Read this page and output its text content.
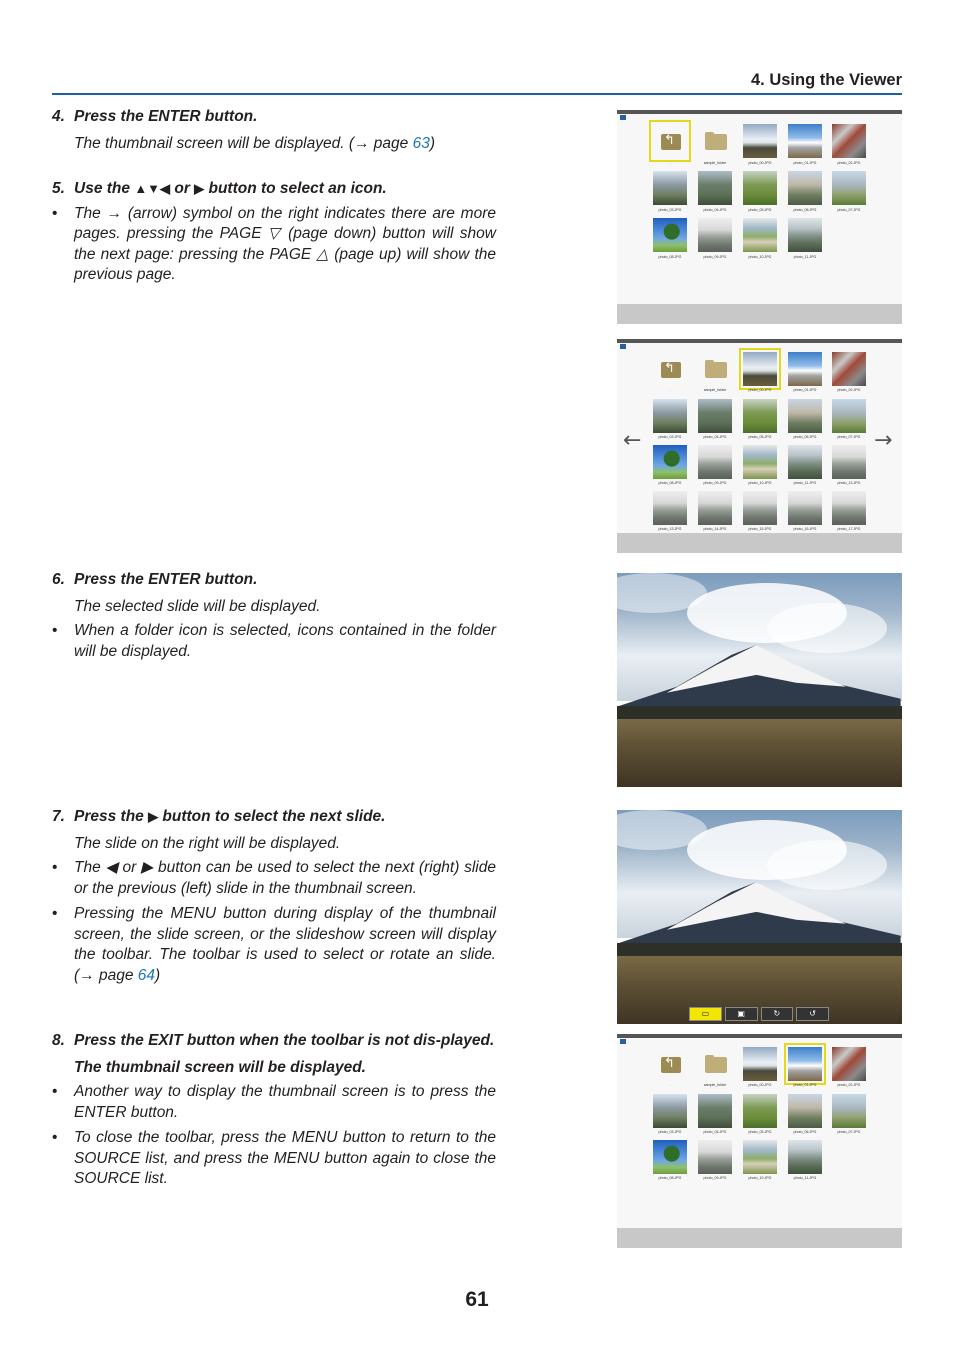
4. Using the Viewer
4. Press the ENTER button.

The thumbnail screen will be displayed. (→ page 63)

5. Use the ▲▼◀ or ▶ button to select an icon.
•	The → (arrow) symbol on the right indicates there are more pages. pressing the PAGE ▽ (page down) button will show the next page: pressing the PAGE △ (page up) will show the previous page.
6. Press the ENTER button.

The selected slide will be displayed.

•	When a folder icon is selected, icons contained in the folder will be displayed.
7. Press the ▶ button to select the next slide.

The slide on the right will be displayed.

•	The ◀ or ▶ button can be used to select the next (right) slide or the previous (left) slide in the thumbnail screen.
•	Pressing the MENU button during display of the thumbnail screen, the slide screen, or the slideshow screen will display the toolbar. The toolbar is used to select or rotate an slide. (→ page 64)
8. Press the EXIT button when the toolbar is not dis-played.

The thumbnail screen will be displayed.

•	Another way to display the thumbnail screen is to press the ENTER button.
•	To close the toolbar, press the MENU button to return to the SOURCE list, and press the MENU button again to close the SOURCE list.
↰
.	sample_folder	photo_00.JPG	photo_01.JPG	photo_02.JPG
photo_03.JPG	photo_04.JPG	photo_05.JPG	photo_06.JPG	photo_07.JPG
photo_08.JPG	photo_09.JPG	photo_10.JPG	photo_11.JPG
←	→
↰
.	sample_folder	photo_00.JPG	photo_01.JPG	photo_02.JPG
photo_03.JPG	photo_04.JPG	photo_05.JPG	photo_06.JPG	photo_07.JPG
photo_08.JPG	photo_09.JPG	photo_10.JPG	photo_11.JPG	photo_12.JPG
photo_13.JPG	photo_14.JPG	photo_15.JPG	photo_16.JPG	photo_17.JPG
▭	▣	↻	↺
↰
.	sample_folder	photo_00.JPG	photo_01.JPG	photo_02.JPG
photo_03.JPG	photo_04.JPG	photo_05.JPG	photo_06.JPG	photo_07.JPG
photo_08.JPG	photo_09.JPG	photo_10.JPG	photo_11.JPG
61
